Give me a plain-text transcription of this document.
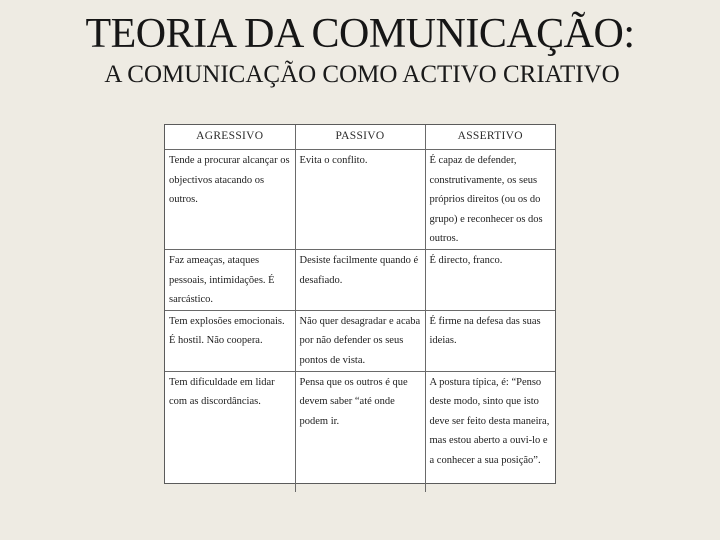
TEORIA DA COMUNICAÇÃO:
A COMUNICAÇÃO COMO ACTIVO CRIATIVO
AGRESSIVO	PASSIVO	ASSERTIVO
Tende a procurar alcançar os objectivos atacando os outros.	Evita o conflito.	É capaz de defender, construtivamente, os seus próprios direitos (ou os do grupo) e reconhecer os dos outros.
Faz ameaças, ataques pessoais, intimidações. É sarcástico.	Desiste facilmente quando é desafiado.	É directo, franco.
Tem explosões emocionais. É hostil. Não coopera.	Não quer desagradar e acaba por não defender os seus pontos de vista.	É firme na defesa das suas ideias.
Tem dificuldade em lidar com as discordâncias.	Pensa que os outros é que devem saber “até onde podem ir.	A postura típica, é: “Penso deste modo, sinto que isto deve ser feito desta maneira, mas estou aberto a ouvi-lo e a conhecer a sua posição”.
